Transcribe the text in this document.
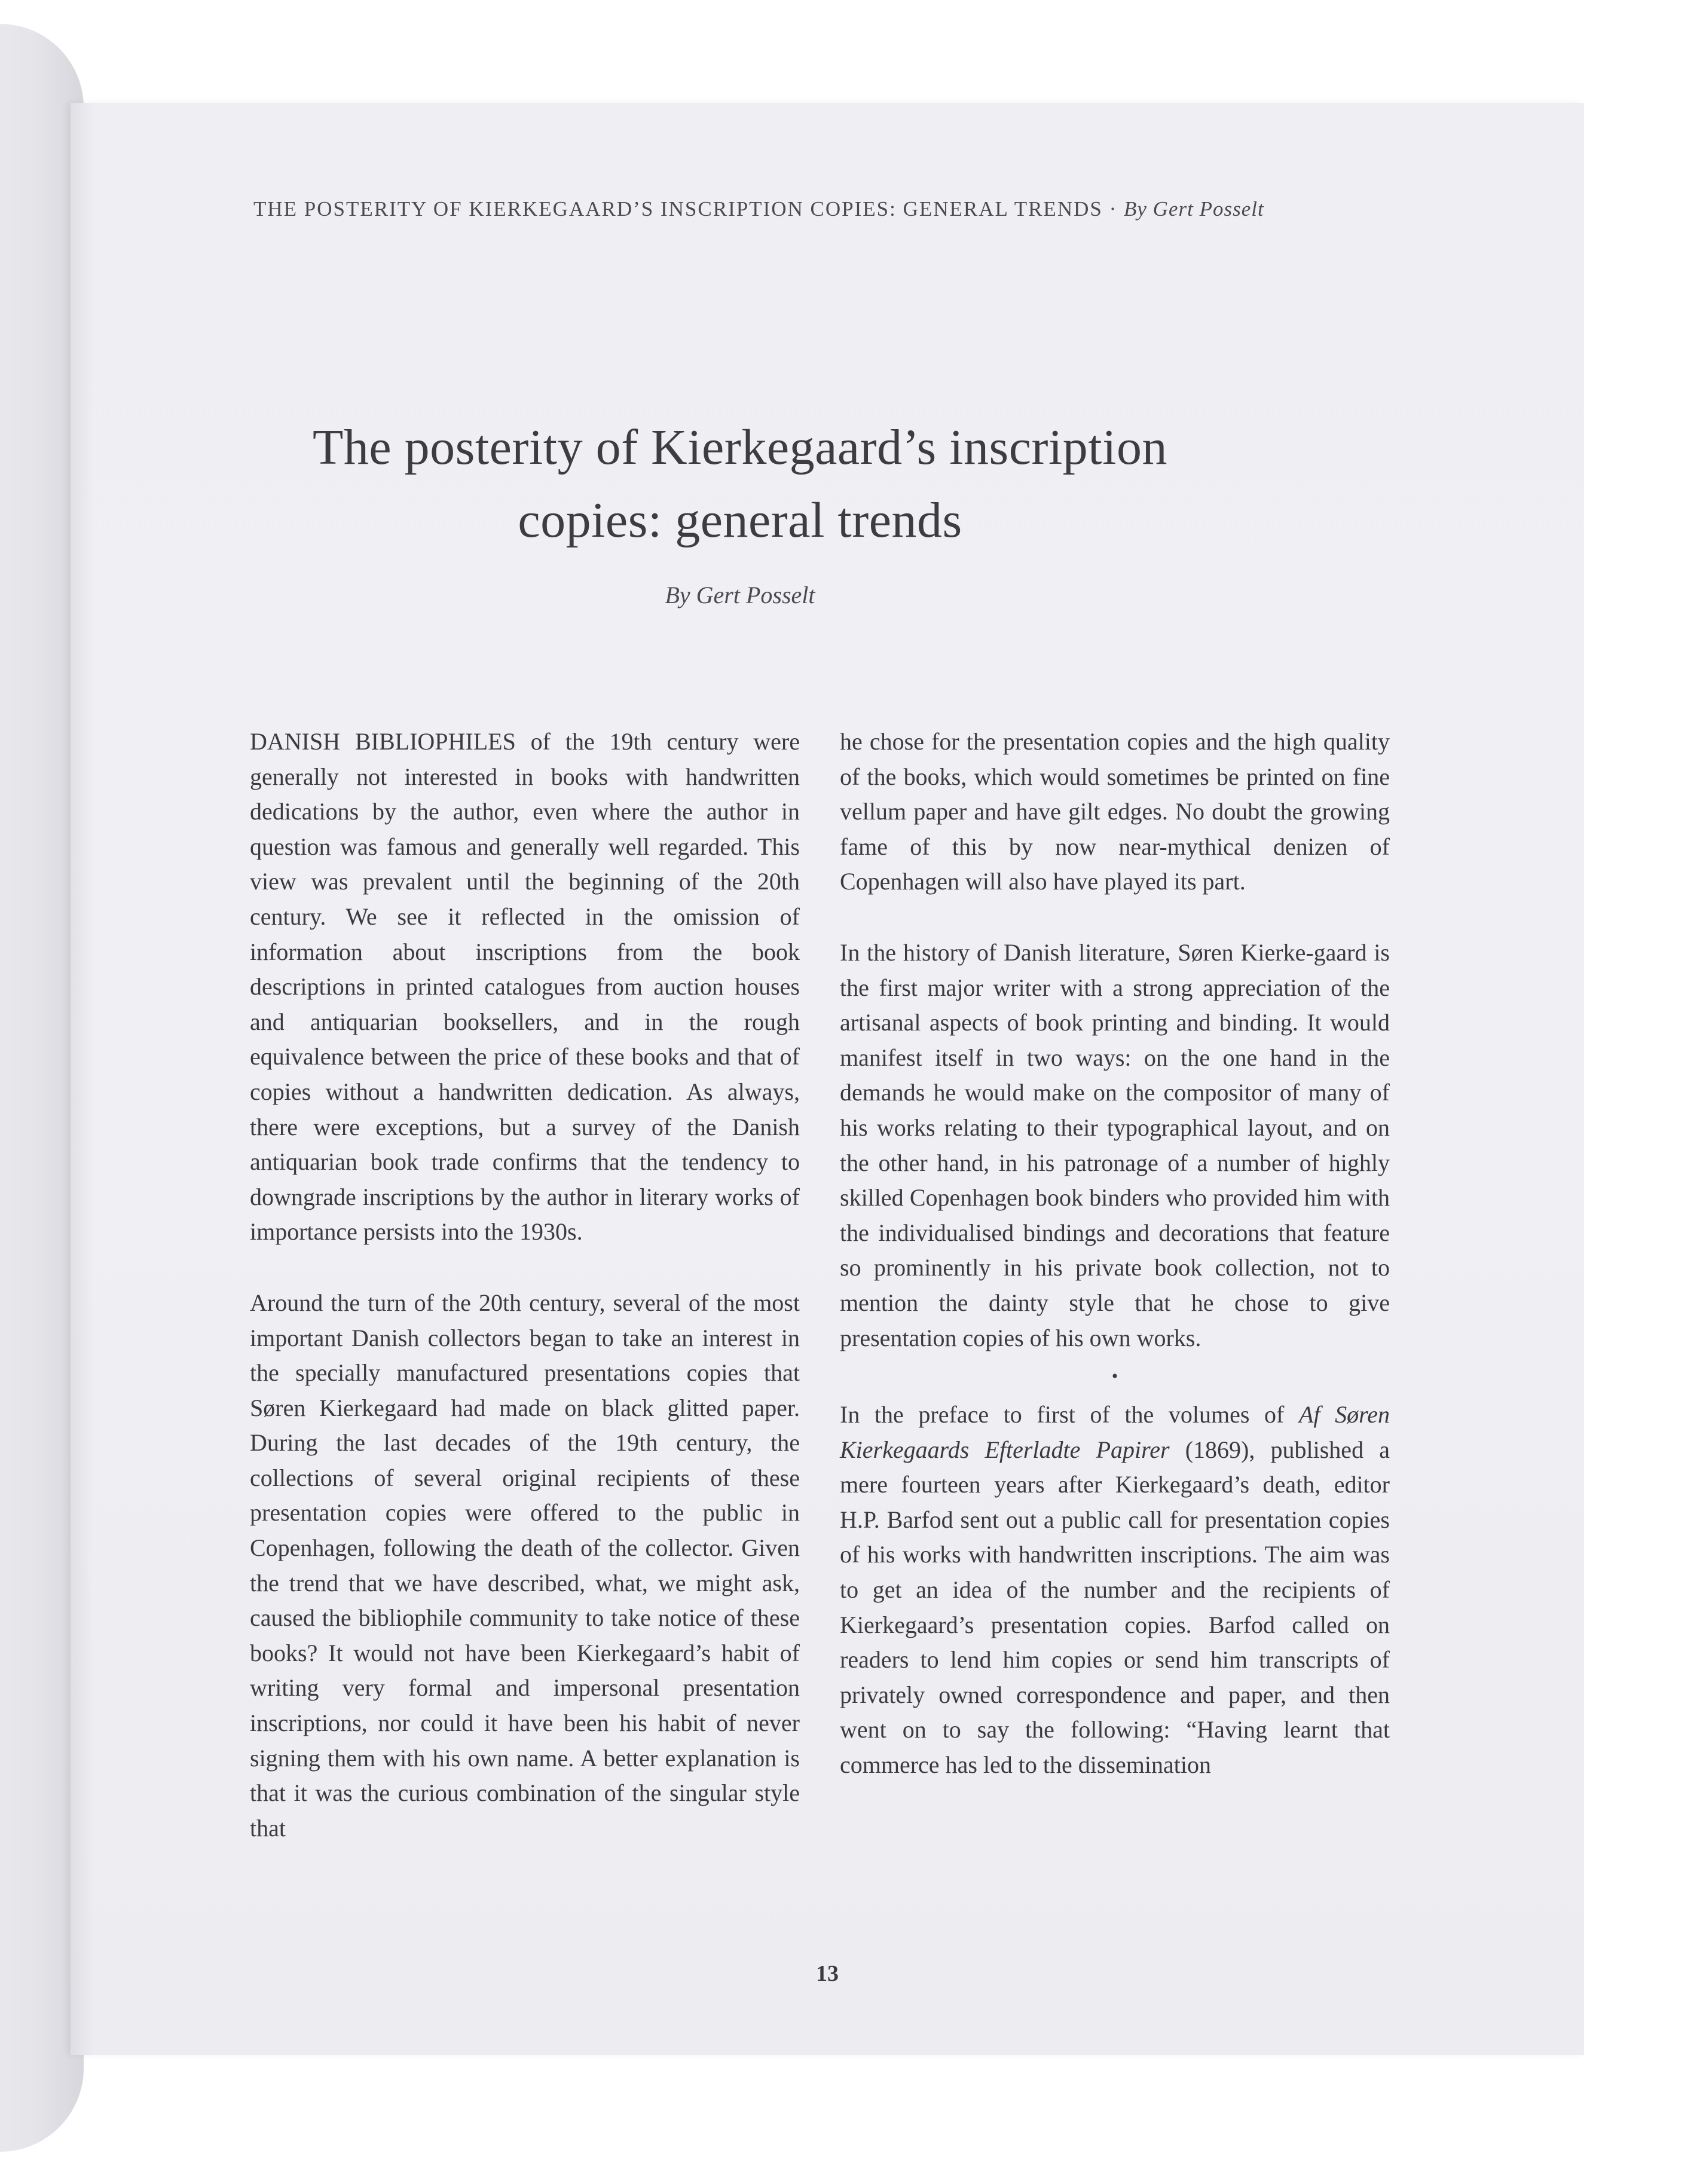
THE POSTERITY OF KIERKEGAARD’S INSCRIPTION COPIES: GENERAL TRENDS · By Gert Posselt
The posterity of Kierkegaard’s inscription
copies: general trends
By Gert Posselt

DANISH BIBLIOPHILES of the 19th century were generally not interested in books with handwritten dedications by the author, even where the author in question was famous and generally well regarded. This view was prevalent until the beginning of the 20th century. We see it reflected in the omission of information about inscriptions from the book descriptions in printed catalogues from auction houses and antiquarian booksellers, and in the rough equivalence between the price of these books and that of copies without a handwritten dedication. As always, there were exceptions, but a survey of the Danish antiquarian book trade confirms that the tendency to downgrade inscriptions by the author in literary works of importance persists into the 1930s.

Around the turn of the 20th century, several of the most important Danish collectors began to take an interest in the specially manufactured presentations copies that Søren Kierkegaard had made on black glitted paper. During the last decades of the 19th century, the collections of several original recipients of these presentation copies were offered to the public in Copenhagen, following the death of the collector. Given the trend that we have described, what, we might ask, caused the bibliophile community to take notice of these books? It would not have been Kierkegaard’s habit of writing very formal and impersonal presentation inscriptions, nor could it have been his habit of never signing them with his own name. A better explanation is that it was the curious combination of the singular style that

he chose for the presentation copies and the high quality of the books, which would sometimes be printed on fine vellum paper and have gilt edges. No doubt the growing fame of this by now near-mythical denizen of Copenhagen will also have played its part.

In the history of Danish literature, Søren Kierke-gaard is the first major writer with a strong appreciation of the artisanal aspects of book printing and binding. It would manifest itself in two ways: on the one hand in the demands he would make on the compositor of many of his works relating to their typographical layout, and on the other hand, in his patronage of a number of highly skilled Copenhagen book binders who provided him with the individualised bindings and decorations that feature so prominently in his private book collection, not to mention the dainty style that he chose to give presentation copies of his own works.

•

In the preface to first of the volumes of Af Søren Kierkegaards Efterladte Papirer (1869), published a mere fourteen years after Kierkegaard’s death, editor H.P. Barfod sent out a public call for presentation copies of his works with handwritten inscriptions. The aim was to get an idea of the number and the recipients of Kierkegaard’s presentation copies. Barfod called on readers to lend him copies or send him transcripts of privately owned correspondence and paper, and then went on to say the following: “Having learnt that commerce has led to the dissemination

13
